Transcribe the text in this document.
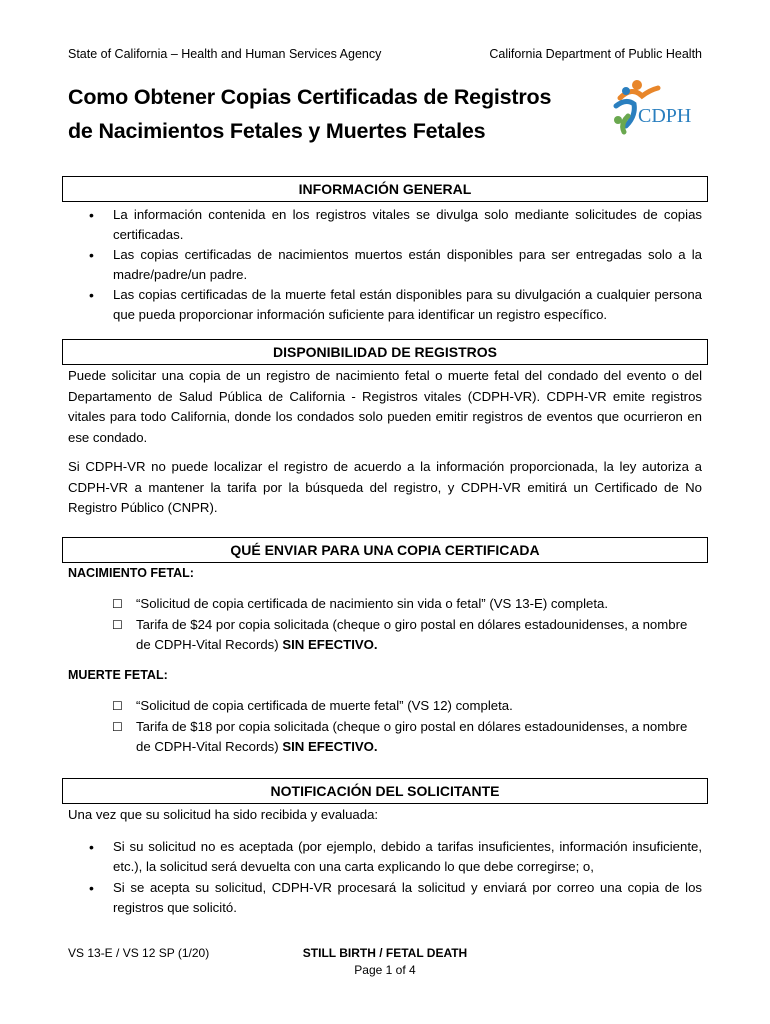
State of California – Health and Human Services Agency	California Department of Public Health
Como Obtener Copias Certificadas de Registros
de Nacimientos Fetales y Muertes Fetales
CDPH
INFORMACIÓN GENERAL
• La información contenida en los registros vitales se divulga solo mediante solicitudes de copias certificadas.
• Las copias certificadas de nacimientos muertos están disponibles para ser entregadas solo a la madre/padre/un padre.
• Las copias certificadas de la muerte fetal están disponibles para su divulgación a cualquier persona que pueda proporcionar información suficiente para identificar un registro específico.
DISPONIBILIDAD DE REGISTROS
Puede solicitar una copia de un registro de nacimiento fetal o muerte fetal del condado del evento o del Departamento de Salud Pública de California - Registros vitales (CDPH-VR). CDPH-VR emite registros vitales para todo California, donde los condados solo pueden emitir registros de eventos que ocurrieron en ese condado.
Si CDPH-VR no puede localizar el registro de acuerdo a la información proporcionada, la ley autoriza a CDPH-VR a mantener la tarifa por la búsqueda del registro, y CDPH-VR emitirá un Certificado de No Registro Público (CNPR).
QUÉ ENVIAR PARA UNA COPIA CERTIFICADA
NACIMIENTO FETAL:
☐ “Solicitud de copia certificada de nacimiento sin vida o fetal” (VS 13-E) completa.
☐ Tarifa de $24 por copia solicitada (cheque o giro postal en dólares estadounidenses, a nombre de CDPH-Vital Records) SIN EFECTIVO.
MUERTE FETAL:
☐ “Solicitud de copia certificada de muerte fetal” (VS 12) completa.
☐ Tarifa de $18 por copia solicitada (cheque o giro postal en dólares estadounidenses, a nombre de CDPH-Vital Records) SIN EFECTIVO.
NOTIFICACIÓN DEL SOLICITANTE
Una vez que su solicitud ha sido recibida y evaluada:
• Si su solicitud no es aceptada (por ejemplo, debido a tarifas insuficientes, información insuficiente, etc.), la solicitud será devuelta con una carta explicando lo que debe corregirse; o,
• Si se acepta su solicitud, CDPH-VR procesará la solicitud y enviará por correo una copia de los registros que solicitó.
VS 13-E / VS 12 SP (1/20)	STILL BIRTH / FETAL DEATH
Page 1 of 4
